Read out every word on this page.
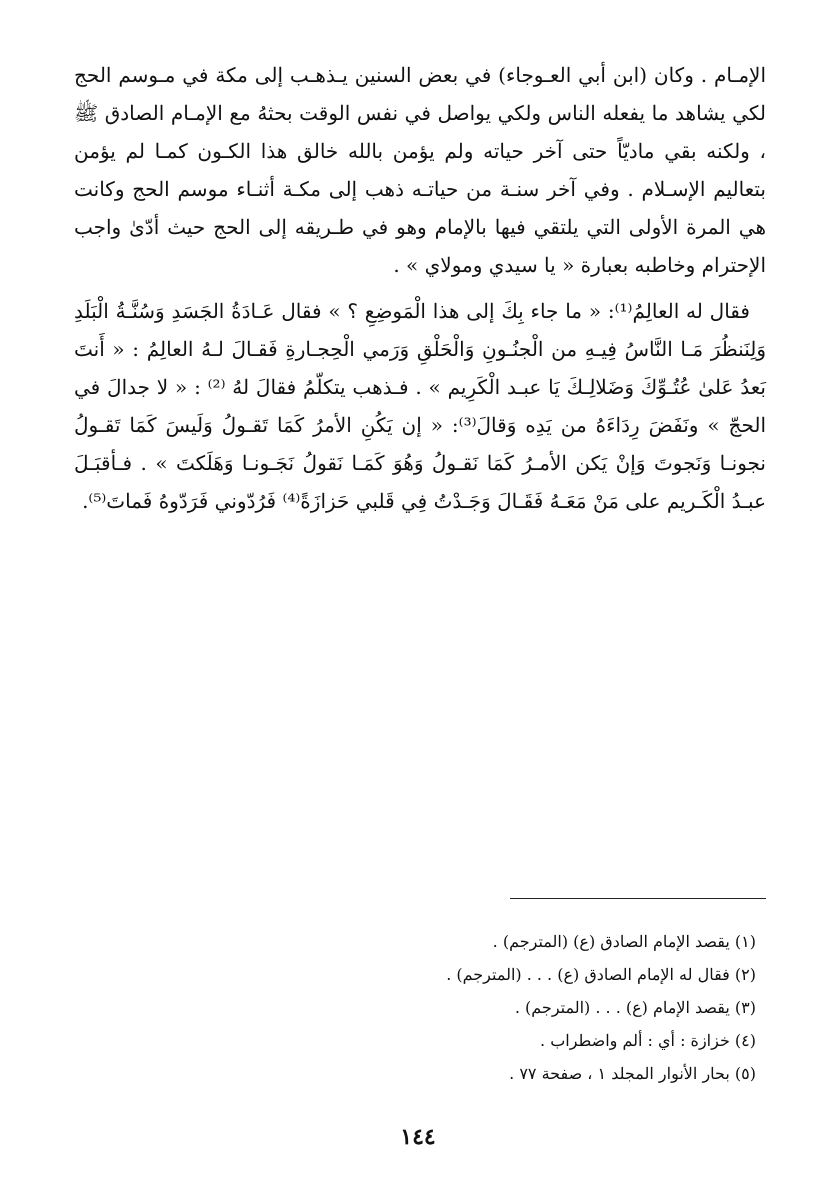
الإمـام . وكان (ابن أبي العـوجاء) في بعض السنين يـذهـب إلى مكة في مـوسم الحج لكي يشاهد ما يفعله الناس ولكي يواصل في نفس الوقت بحثهُ مع الإمـام الصادق ﷺ ، ولكنه بقي ماديّاً حتى آخر حياته ولم يؤمن بالله خالق هذا الكـون كمـا لم يؤمن بتعاليم الإسـلام . وفي آخر سنـة من حياتـه ذهب إلى مكـة أثنـاء موسم الحج وكانت هي المرة الأولى التي يلتقي فيها بالإمام وهو في طـريقه إلى الحج حيث أدّىٰ واجب الإحترام وخاطبه بعبارة « يا سيدي ومولاي » .

فقال له العالِمُ⁽¹⁾: « ما جاء بِكَ إلى هذا الْمَوضِعِ ؟ » فقال عَـادَةُ الجَسَدِ وَسُنَّـةُ الْبَلَدِ وَلِنَنظُرَ مَـا النَّاسُ فِيـهِ من الْجنُـونِ وَالْحَلْقِ وَرَمي الْحِجـارةِ فَقـالَ لـهُ العالِمُ : « أَنتَ بَعدُ عَلىٰ عُتُـوِّكَ وَضَلالِـكَ يَا عبـد الْكَرِيم » . فـذهب يتكلّمُ فقالَ لهُ ⁽²⁾ : « لا جدالَ في الحجّ » ونَفَضَ رِدَاءَهُ من يَدِه وَقالَ⁽³⁾: « إن يَكُنِ الأمرُ كَمَا تَقـولُ وَلَيسَ كَمَا تَقـولُ نجونـا وَنَجوتَ وَإنْ يَكن الأمـرُ كَمَا نَقـولُ وَهُوَ كَمَـا نَقولُ نَجَـونـا وَهَلَكتَ » . فـأقبَـلَ عبـدُ الْكَـريم على مَنْ مَعَـهُ فَقَـالَ وَجَـدْتُ فِي قَلبي حَزازَةً⁽⁴⁾ فَرُدّوني فَرَدّوهُ فَماتَ⁽⁵⁾.

(١) يقصد الإمام الصادق (ع) (المترجم) .

(٢) فقال له الإمام الصادق (ع) . . . (المترجم) .

(٣) يقصد الإمام (ع) . . . (المترجم) .

(٤) خزازة : أي : ألم واضطراب .

(٥) بحار الأنوار المجلد ١ ، صفحة ٧٧ .

١٤٤
